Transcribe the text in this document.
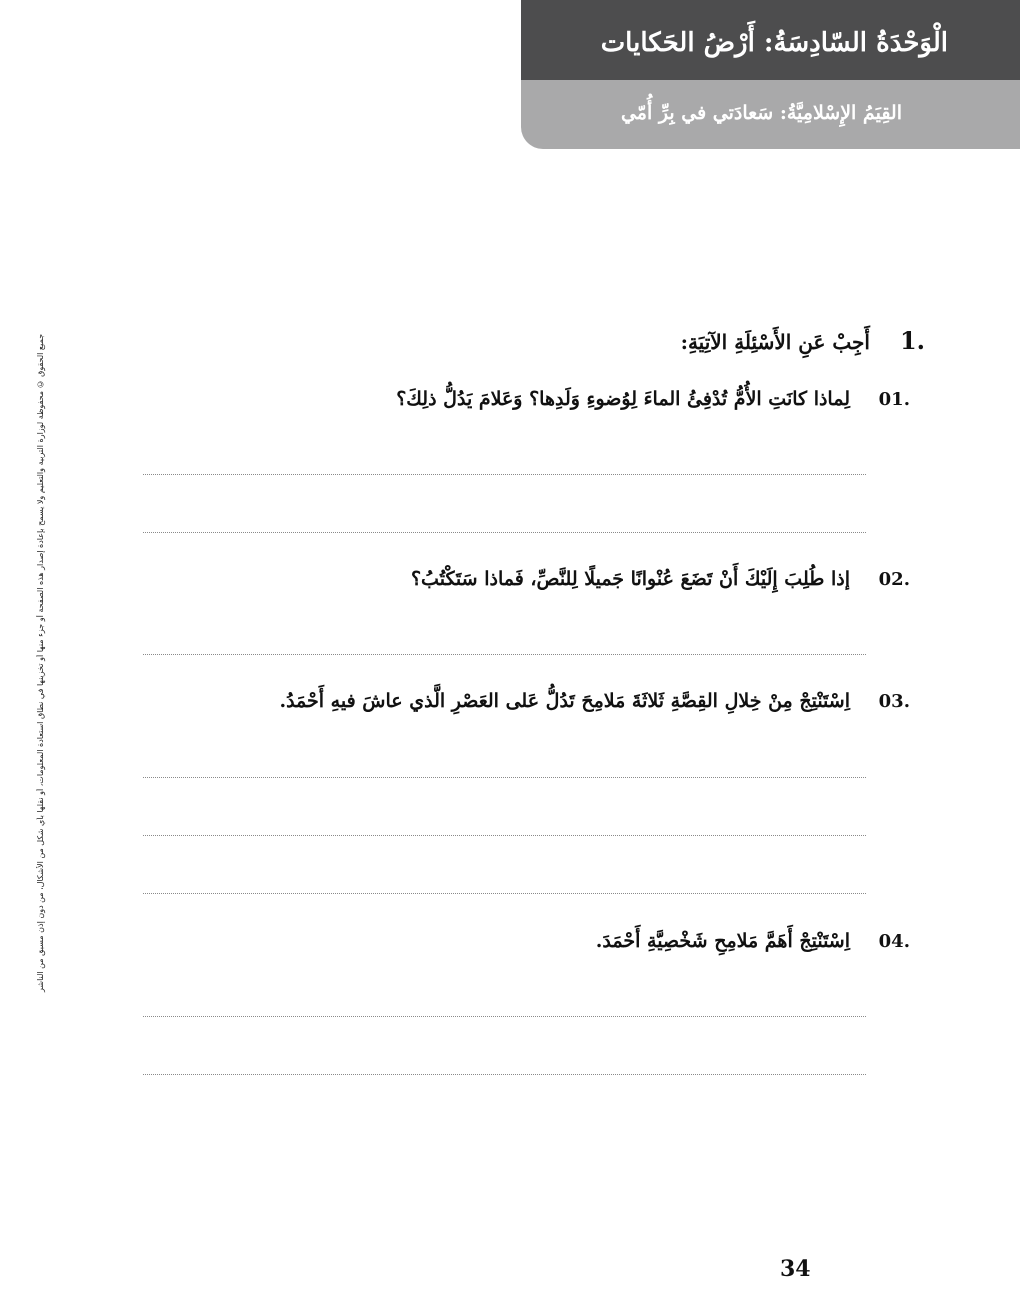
الْوَحْدَةُ السّادِسَةُ: أَرْضُ الحَكايات
القِيَمُ الإِسْلامِيَّةُ: سَعادَتي في بِرِّ أُمّي
جميع الحقوق © محفوظة لوزارة التربية والتعليم ولا يسمح بإعادة إصدار هذه الصفحة أو جزء منها أو تخزينها في نطاق استعادة المعلومات، أو نقلها بأي شكل من الأشكال، من دون إذن مسبق من الناشر	.1
أَجِبْ عَنِ الأَسْئِلَةِ الآتِيَةِ:
.01
لِماذا كانَتِ الأُمُّ تُدْفِئُ الماءَ لِوُضوءِ وَلَدِها؟ وَعَلامَ يَدُلُّ ذلِكَ؟
.02
إذا طُلِبَ إِلَيْكَ أَنْ تَضَعَ عُنْوانًا جَميلًا لِلنَّصِّ، فَماذا سَتَكْتُبُ؟
.03
اِسْتَنْتِجْ مِنْ خِلالِ القِصَّةِ ثَلاثَةَ مَلامِحَ تَدُلُّ عَلى العَصْرِ الَّذي عاشَ فيهِ أَحْمَدُ.
.04
اِسْتَنْتِجْ أَهَمَّ مَلامِحِ شَخْصِيَّةِ أَحْمَدَ.
34
